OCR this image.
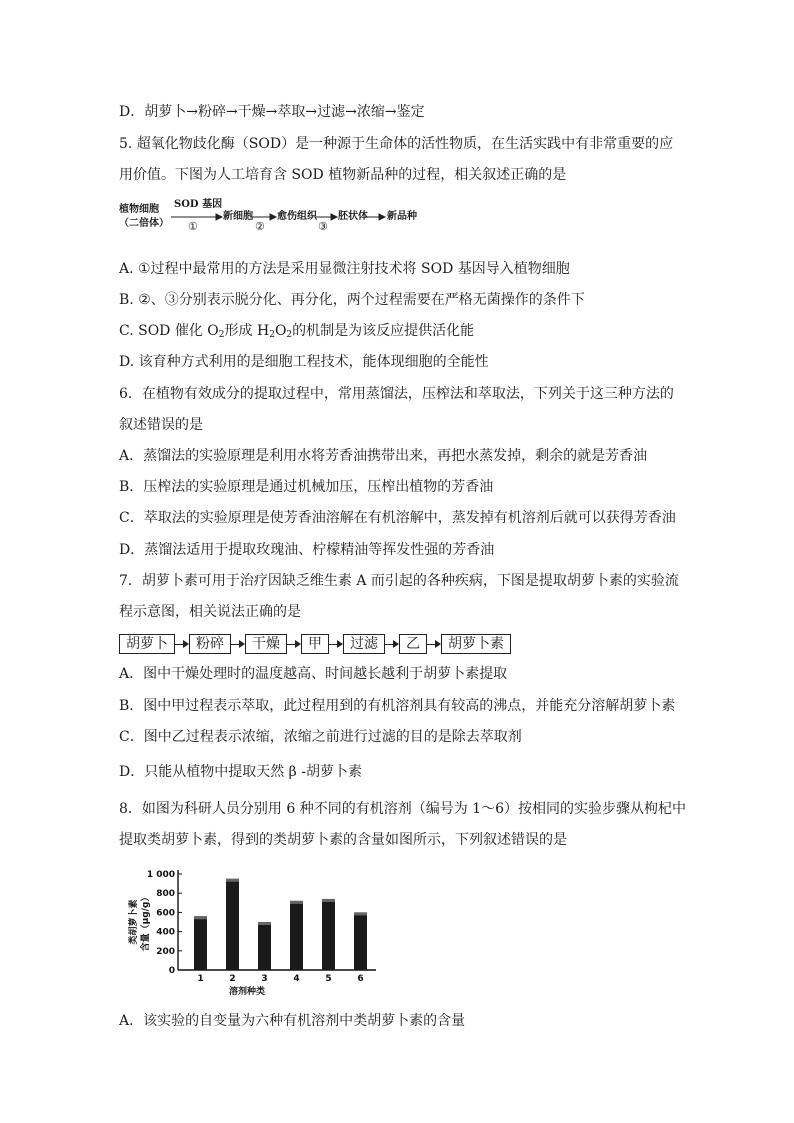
D．胡萝卜→粉碎→干燥→萃取→过滤→浓缩→鉴定
5. 超氧化物歧化酶（SOD）是一种源于生命体的活性物质，在生活实践中有非常重要的应
用价值。下图为人工培育含 SOD 植物新品种的过程，相关叙述正确的是
植物细胞
（二倍体）
SOD 基因
①
新细胞
②
愈伤组织
③
胚状体 新品种
A. ①过程中最常用的方法是采用显微注射技术将 SOD 基因导入植物细胞
B. ②、③分别表示脱分化、再分化，两个过程需要在严格无菌操作的条件下
C. SOD 催化 $O_2$形成 $H_2O_2$的机制是为该反应提供活化能
D. 该育种方式利用的是细胞工程技术，能体现细胞的全能性
6．在植物有效成分的提取过程中，常用蒸馏法，压榨法和萃取法，下列关于这三种方法的
叙述错误的是
A．蒸馏法的实验原理是利用水将芳香油携带出来，再把水蒸发掉，剩余的就是芳香油
B．压榨法的实验原理是通过机械加压，压榨出植物的芳香油
C．萃取法的实验原理是使芳香油溶解在有机溶解中，蒸发掉有机溶剂后就可以获得芳香油
D．蒸馏法适用于提取玫瑰油、柠檬精油等挥发性强的芳香油
7．胡萝卜素可用于治疗因缺乏维生素 A 而引起的各种疾病，下图是提取胡萝卜素的实验流
程示意图，相关说法正确的是
胡萝卜	粉碎	干燥	甲	过滤	乙	胡萝卜素
A．图中干燥处理时的温度越高、时间越长越利于胡萝卜素提取
B．图中甲过程表示萃取，此过程用到的有机溶剂具有较高的沸点，并能充分溶解胡萝卜素
C．图中乙过程表示浓缩，浓缩之前进行过滤的目的是除去萃取剂
D．只能从植物中提取天然 β -胡萝卜素
8．如图为科研人员分别用 6 种不同的有机溶剂（编号为 1～6）按相同的实验步骤从枸杞中
提取类胡萝卜素，得到的类胡萝卜素的含量如图所示，下列叙述错误的是
0
200
400
600
800
1 000
1	2	3	4	5	6
溶剂种类
类胡萝卜素 含量（μg/g）
A．该实验的自变量为六种有机溶剂中类胡萝卜素的含量
